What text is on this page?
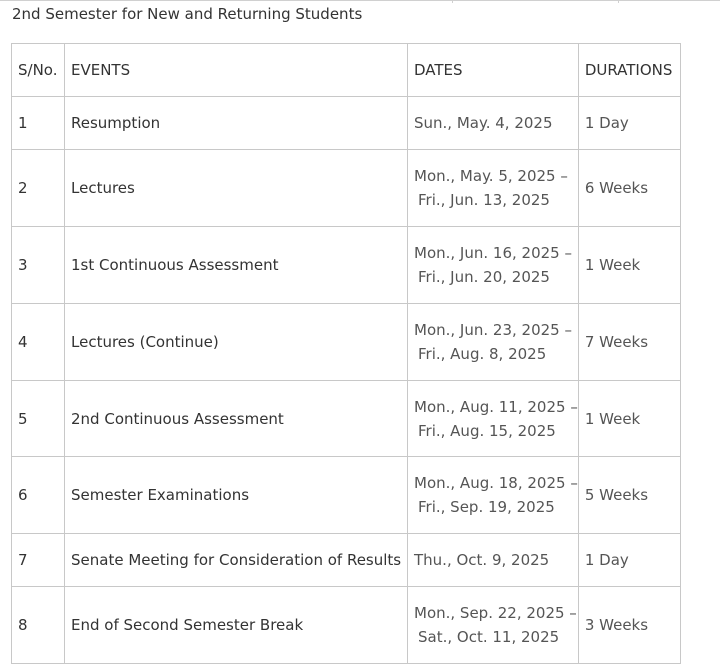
2nd Semester for New and Returning Students
S/No.	EVENTS	DATES	DURATIONS
1	Resumption	Sun., May. 4, 2025	1 Day
2	Lectures	Mon., May. 5, 2025 –
Fri., Jun. 13, 2025	6 Weeks
3	1st Continuous Assessment	Mon., Jun. 16, 2025 –
Fri., Jun. 20, 2025	1 Week
4	Lectures (Continue)	Mon., Jun. 23, 2025 –
Fri., Aug. 8, 2025	7 Weeks
5	2nd Continuous Assessment	Mon., Aug. 11, 2025 –
Fri., Aug. 15, 2025	1 Week
6	Semester Examinations	Mon., Aug. 18, 2025 –
Fri., Sep. 19, 2025	5 Weeks
7	Senate Meeting for Consideration of Results	Thu., Oct. 9, 2025	1 Day
8	End of Second Semester Break	Mon., Sep. 22, 2025 –
Sat., Oct. 11, 2025	3 Weeks
